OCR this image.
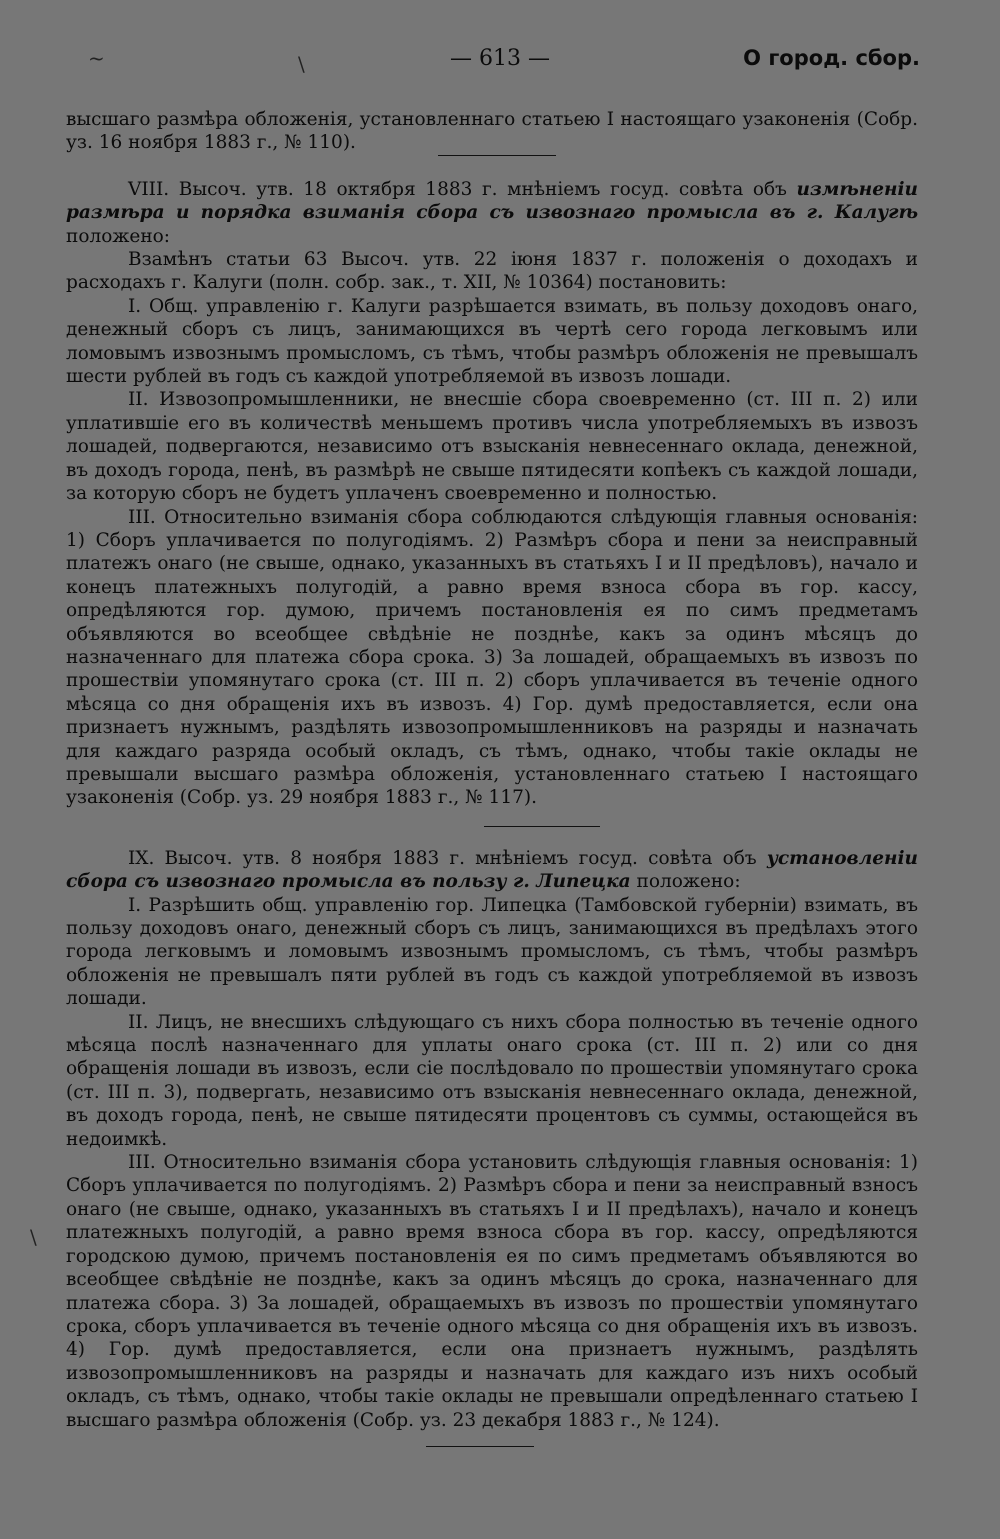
~	\	— 613 —	О город. сбор.
\

высшаго размѣра обложенія, установленнаго статьею I настоящаго узаконенія (Собр. уз. 16 ноября 1883 г., № 110).

VIII. Высоч. утв. 18 октября 1883 г. мнѣніемъ госуд. совѣта объ измѣненіи размѣра и порядка взиманія сбора съ извознаго промысла въ г. Калугѣ положено:

Взамѣнъ статьи 63 Высоч. утв. 22 іюня 1837 г. положенія о доходахъ и расходахъ г. Калуги (полн. собр. зак., т. XII, № 10364) постановить:

I. Общ. управленію г. Калуги разрѣшается взимать, въ пользу доходовъ онаго, денежный сборъ съ лицъ, занимающихся въ чертѣ сего города легковымъ или ломовымъ извознымъ промысломъ, съ тѣмъ, чтобы размѣръ обложенія не превышалъ шести рублей въ годъ съ каждой употребляемой въ извозъ лошади.

II. Извозопромышленники, не внесшіе сбора своевременно (ст. III п. 2) или уплатившіе его въ количествѣ меньшемъ противъ числа употребляемыхъ въ извозъ лошадей, подвергаются, независимо отъ взысканія невнесеннаго оклада, денежной, въ доходъ города, пенѣ, въ размѣрѣ не свыше пятидесяти копѣекъ съ каждой лошади, за которую сборъ не будетъ уплаченъ своевременно и полностью.

III. Относительно взиманія сбора соблюдаются слѣдующія главныя основанія: 1) Сборъ уплачивается по полугодіямъ. 2) Размѣръ сбора и пени за неисправный платежъ онаго (не свыше, однако, указанныхъ въ статьяхъ I и II предѣловъ), начало и конецъ платежныхъ полугодій, а равно время взноса сбора въ гор. кассу, опредѣляются гор. думою, причемъ постановленія ея по симъ предметамъ объявляются во всеобщее свѣдѣніе не позднѣе, какъ за одинъ мѣсяцъ до назначеннаго для платежа сбора срока. 3) За лошадей, обращаемыхъ въ извозъ по прошествіи упомянутаго срока (ст. III п. 2) сборъ уплачивается въ теченіе одного мѣсяца со дня обращенія ихъ въ извозъ. 4) Гор. думѣ предоставляется, если она признаетъ нужнымъ, раздѣлять извозопромышленниковъ на разряды и назначать для каждаго разряда особый окладъ, съ тѣмъ, однако, чтобы такіе оклады не превышали высшаго размѣра обложенія, установленнаго статьею I настоящаго узаконенія (Собр. уз. 29 ноября 1883 г., № 117).

IX. Высоч. утв. 8 ноября 1883 г. мнѣніемъ госуд. совѣта объ установленіи сбора съ извознаго промысла въ пользу г. Липецка положено:

I. Разрѣшить общ. управленію гор. Липецка (Тамбовской губерніи) взимать, въ пользу доходовъ онаго, денежный сборъ съ лицъ, занимающихся въ предѣлахъ этого города легковымъ и ломовымъ извознымъ промысломъ, съ тѣмъ, чтобы размѣръ обложенія не превышалъ пяти рублей въ годъ съ каждой употребляемой въ извозъ лошади.

II. Лицъ, не внесшихъ слѣдующаго съ нихъ сбора полностью въ теченіе одного мѣсяца послѣ назначеннаго для уплаты онаго срока (ст. III п. 2) или со дня обращенія лошади въ извозъ, если сіе послѣдовало по прошествіи упомянутаго срока (ст. III п. 3), подвергать, независимо отъ взысканія невнесеннаго оклада, денежной, въ доходъ города, пенѣ, не свыше пятидесяти процентовъ съ суммы, остающейся въ недоимкѣ.

III. Относительно взиманія сбора установить слѣдующія главныя основанія: 1) Сборъ уплачивается по полугодіямъ. 2) Размѣръ сбора и пени за неисправный взносъ онаго (не свыше, однако, указанныхъ въ статьяхъ I и II предѣлахъ), начало и конецъ платежныхъ полугодій, а равно время взноса сбора въ гор. кассу, опредѣляются городскою думою, причемъ постановленія ея по симъ предметамъ объявляются во всеобщее свѣдѣніе не позднѣе, какъ за одинъ мѣсяцъ до срока, назначеннаго для платежа сбора. 3) За лошадей, обращаемыхъ въ извозъ по прошествіи упомянутаго срока, сборъ уплачивается въ теченіе одного мѣсяца со дня обращенія ихъ въ извозъ. 4) Гор. думѣ предоставляется, если она признаетъ нужнымъ, раздѣлять извозопромышленниковъ на разряды и назначать для каждаго изъ нихъ особый окладъ, съ тѣмъ, однако, чтобы такіе оклады не превышали опредѣленнаго статьею I высшаго размѣра обложенія (Собр. уз. 23 декабря 1883 г., № 124).
